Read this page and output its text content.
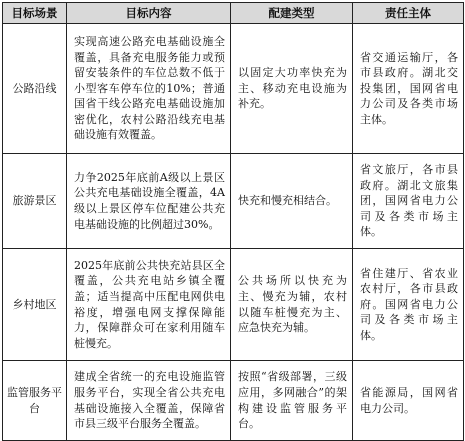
目标场景	目标内容	配建类型	责任主体
公路沿线	实现高速公路充电基础设施全覆盖，具备充电服务能力或预留安装条件的车位总数不低于小型客车停车位的10%；普通国省干线公路充电基础设施加密优化，农村公路沿线充电基础设施有效覆盖。	以固定大功率快充为主、移动充电设施为补充。	省交通运输厅，各市县政府。湖北交投集团，国网省电力公司及各类市场主体。
旅游景区	力争2025年底前A级以上景区公共充电基础设施全覆盖，4A级以上景区停车位配建公共充电基础设施的比例超过30%。	快充和慢充相结合。	省文旅厅，各市县政府。湖北文旅集团，国网省电力公司及各类市场主体。
乡村地区	2025年底前公共快充站县区全覆盖，公共充电站乡镇全覆盖；适当提高中压配电网供电裕度，增强电网支撑保障能力，保障群众可在家利用随车桩慢充。	公共场所以快充为主、慢充为辅，农村以随车桩慢充为主、应急快充为辅。	省住建厅、省农业农村厅，各市县政府。国网省电力公司及各类市场主体。
监管服务平台	建成全省统一的充电设施监管服务平台，实现全省公共充电基础设施接入全覆盖，保障省市县三级平台服务全覆盖。	按照“省级部署，三级应用，多网融合”的架构建设监管服务平台。	省能源局，国网省电力公司。
